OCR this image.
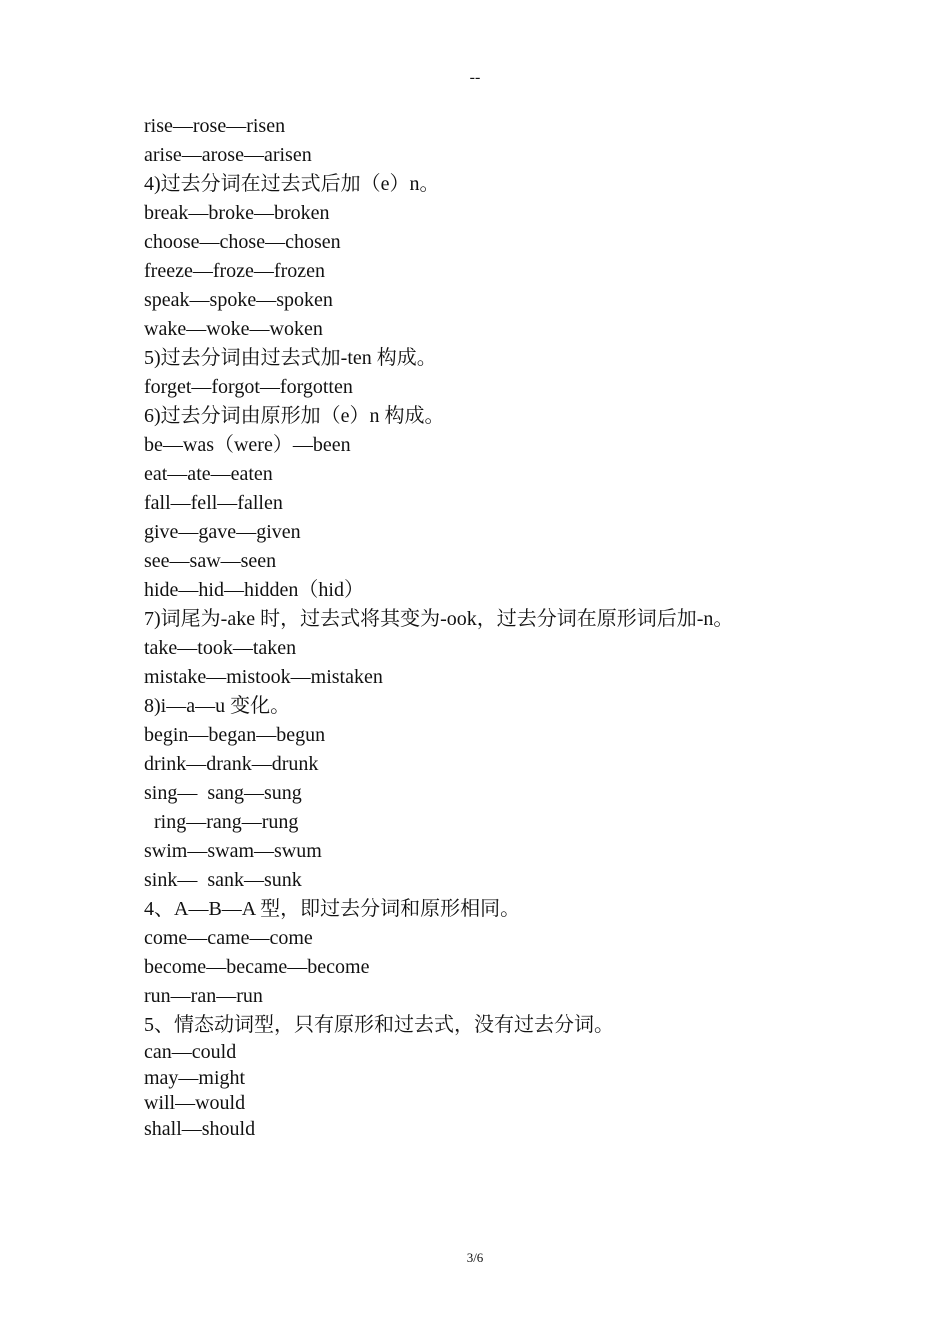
--
rise—rose—risen
arise—arose—arisen
4)过去分词在过去式后加（e）n。
break—broke—broken
choose—chose—chosen
freeze—froze—frozen
speak—spoke—spoken
wake—woke—woken
5)过去分词由过去式加-ten 构成。
forget—forgot—forgotten
6)过去分词由原形加（e）n 构成。
be—was（were）—been
eat—ate—eaten
fall—fell—fallen
give—gave—given
see—saw—seen
hide—hid—hidden（hid）
7)词尾为-ake 时，过去式将其变为-ook，过去分词在原形词后加-n。
take—took—taken
mistake—mistook—mistaken
8)i—a—u 变化。
begin—began—begun
drink—drank—drunk
sing—  sang—sung
ring—rang—rung
swim—swam—swum
sink—  sank—sunk
4、A—B—A 型，即过去分词和原形相同。
come—came—come
become—became—become
run—ran—run
5、情态动词型，只有原形和过去式，没有过去分词。
can—could
may—might
will—would
shall—should
3/6
